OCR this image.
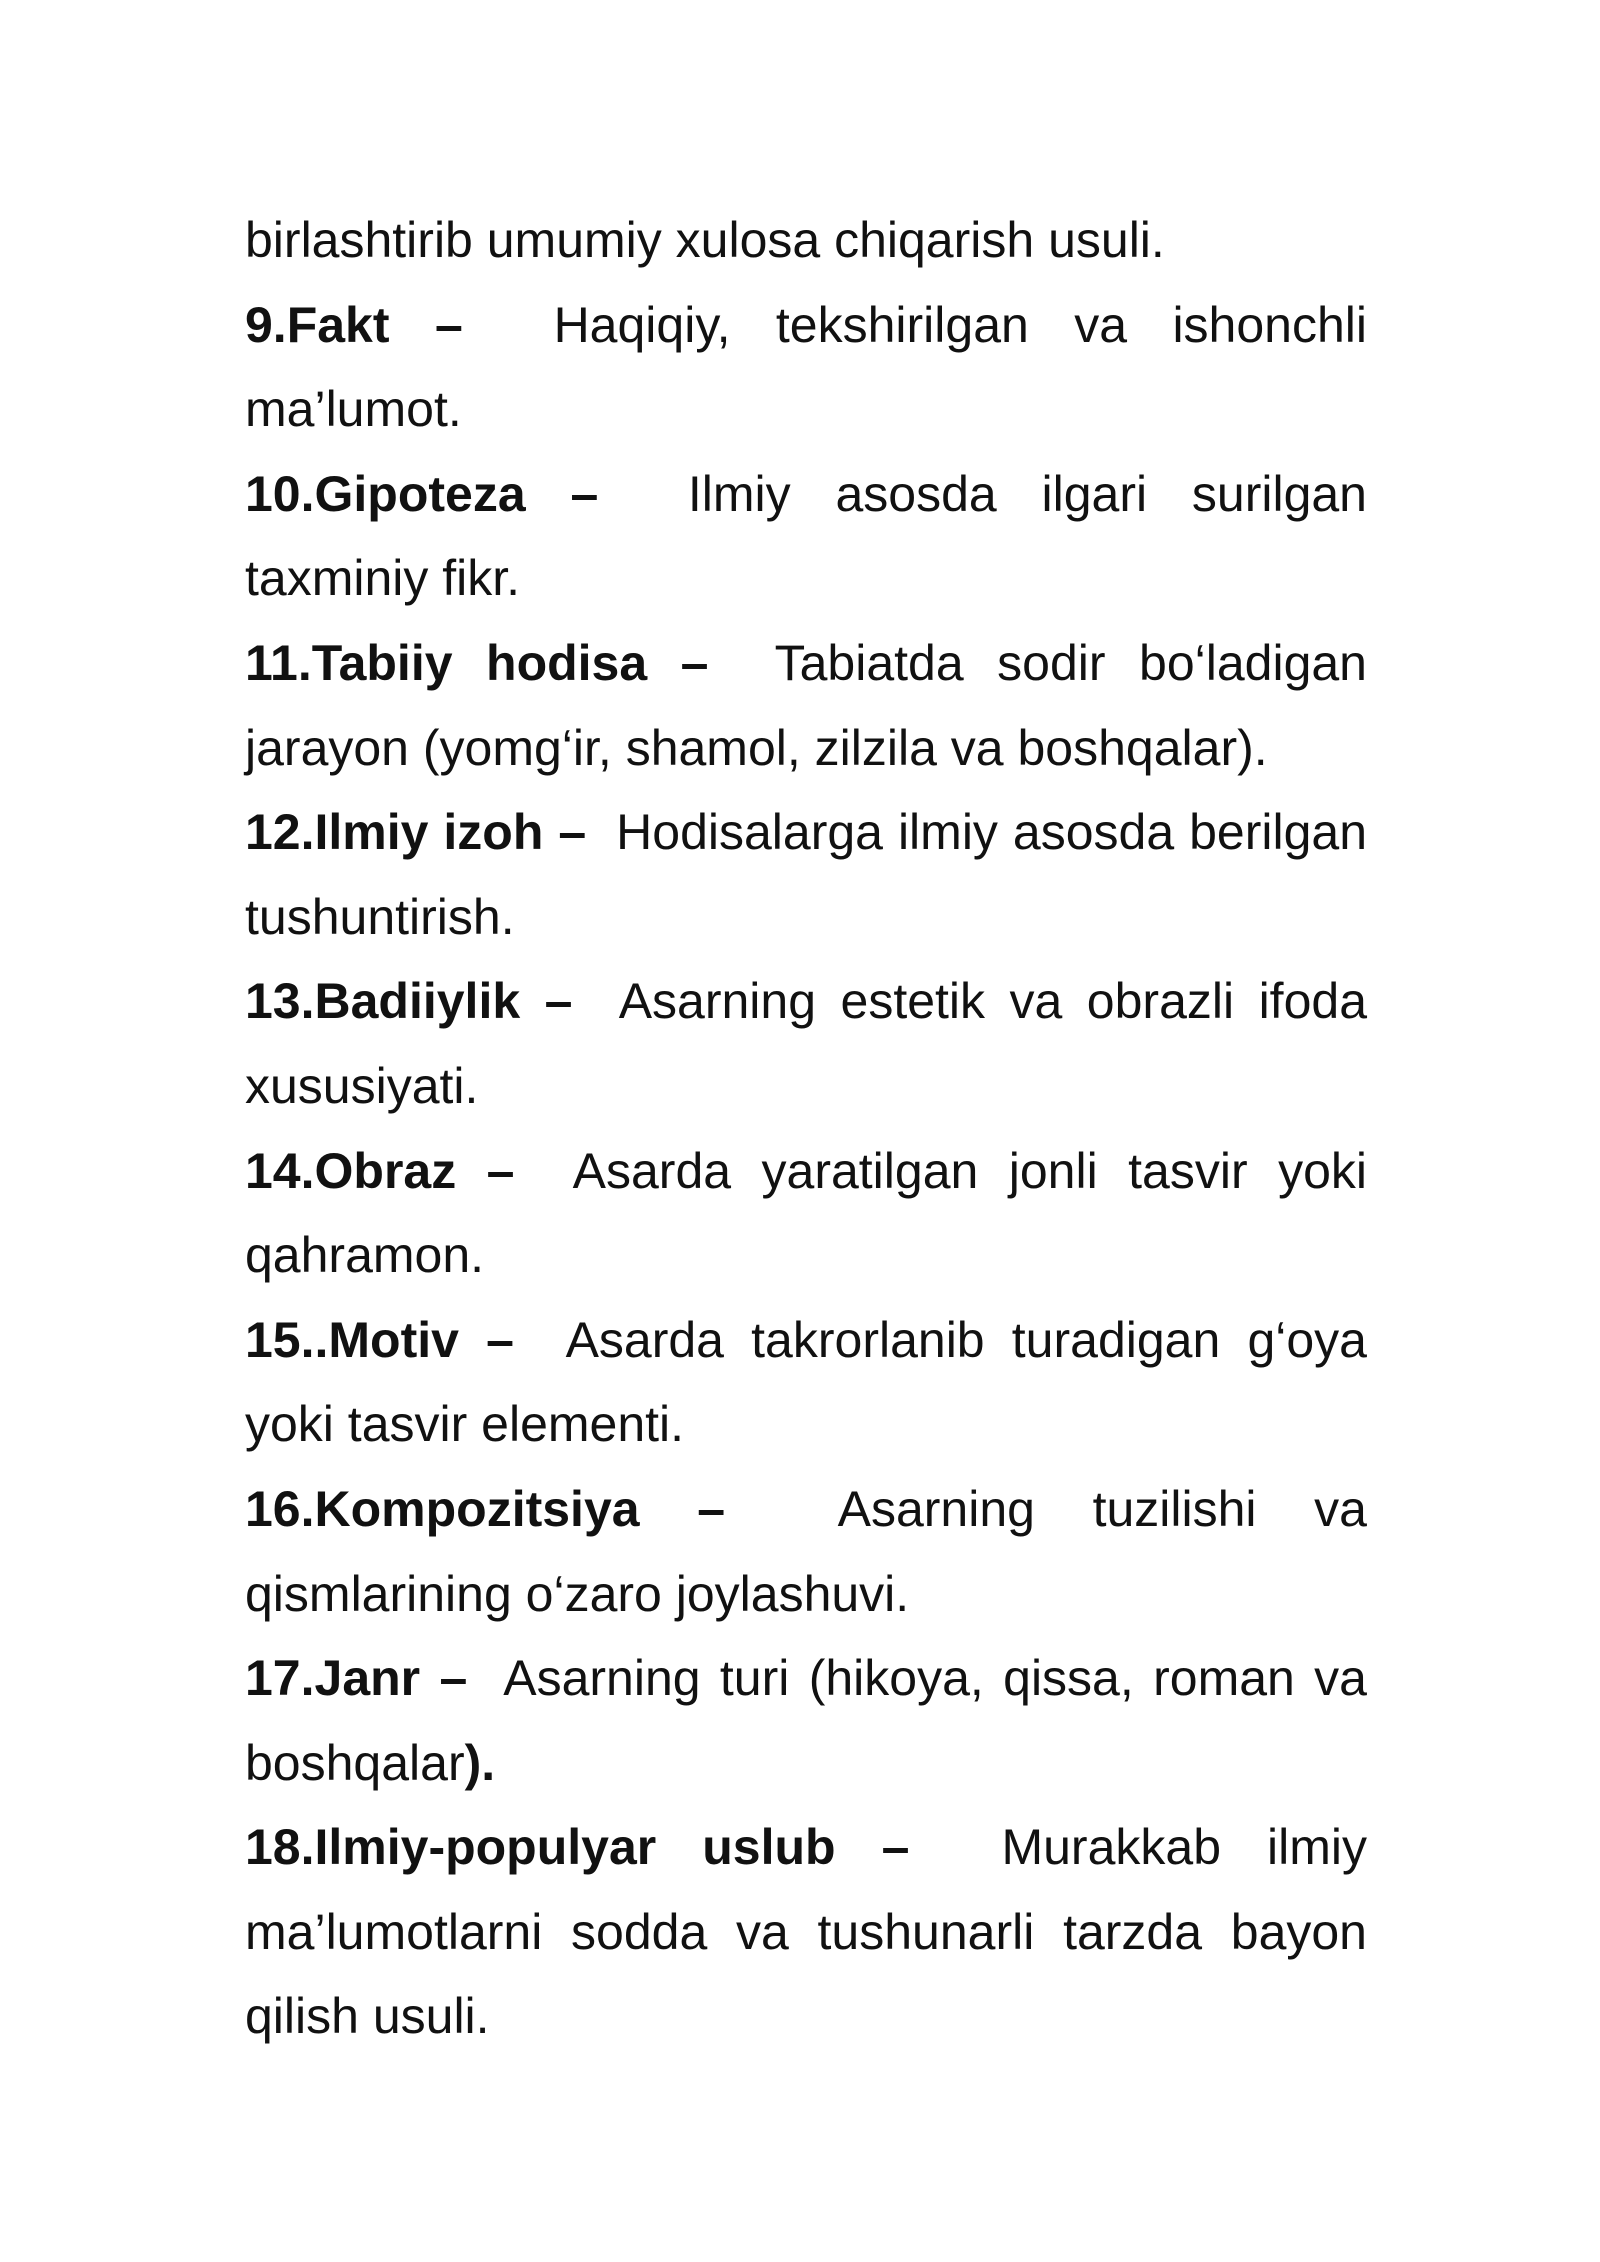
birlashtirib umumiy xulosa chiqarish usuli.

9.Fakt – Haqiqiy, tekshirilgan va ishonchli ma’lumot.

10.Gipoteza – Ilmiy asosda ilgari surilgan taxminiy fikr.

11.Tabiiy hodisa – Tabiatda sodir bo‘ladigan jarayon (yomg‘ir, shamol, zilzila va boshqalar).

12.Ilmiy izoh – Hodisalarga ilmiy asosda berilgan tushuntirish.

13.Badiiylik – Asarning estetik va obrazli ifoda xususiyati.

14.Obraz – Asarda yaratilgan jonli tasvir yoki qahramon.

15..Motiv – Asarda takrorlanib turadigan g‘oya yoki tasvir elementi.

16.Kompozitsiya – Asarning tuzilishi va qismlarining o‘zaro joylashuvi.

17.Janr – Asarning turi (hikoya, qissa, roman va boshqalar).

18.Ilmiy-populyar uslub – Murakkab ilmiy ma’lumotlarni sodda va tushunarli tarzda bayon qilish usuli.
